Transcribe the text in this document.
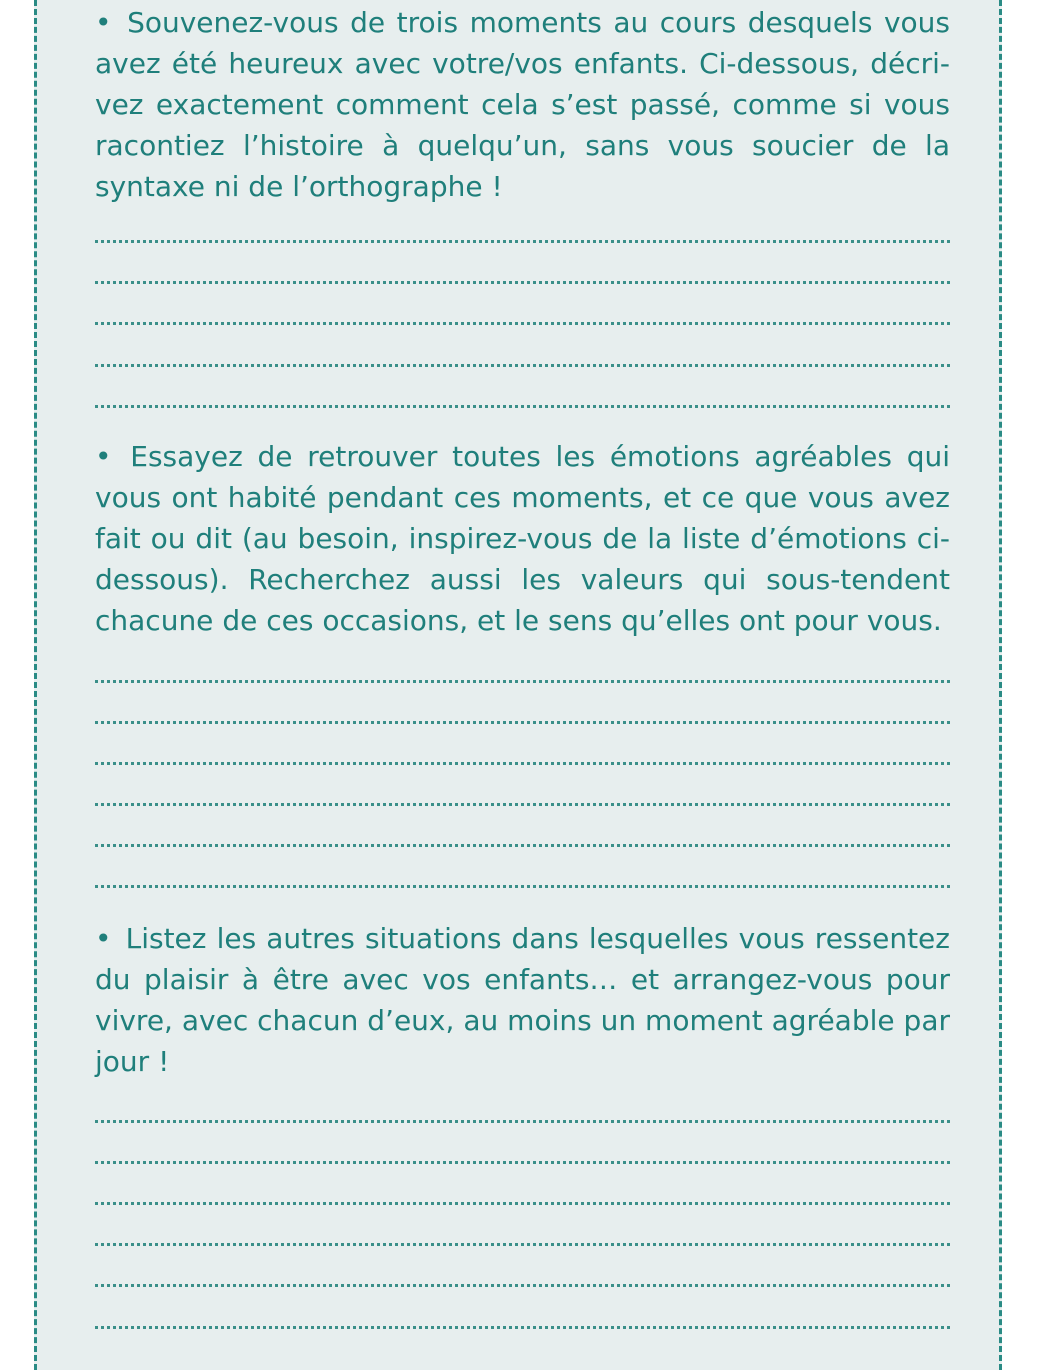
• Souvenez-vous de trois moments au cours desquels vous avez été heureux avec votre/vos enfants. Ci-dessous, décrivez exactement comment cela s’est passé, comme si vous racontiez l’histoire à quelqu’un, sans vous soucier de la syntaxe ni de l’orthographe !

• Essayez de retrouver toutes les émotions agréables qui vous ont habité pendant ces moments, et ce que vous avez fait ou dit (au besoin, inspirez-vous de la liste d’émotions ci-dessous). Recherchez aussi les valeurs qui sous-tendent chacune de ces occasions, et le sens qu’elles ont pour vous.

• Listez les autres situations dans lesquelles vous ressentez du plaisir à être avec vos enfants… et arrangez-vous pour vivre, avec chacun d’eux, au moins un moment agréable par jour !
